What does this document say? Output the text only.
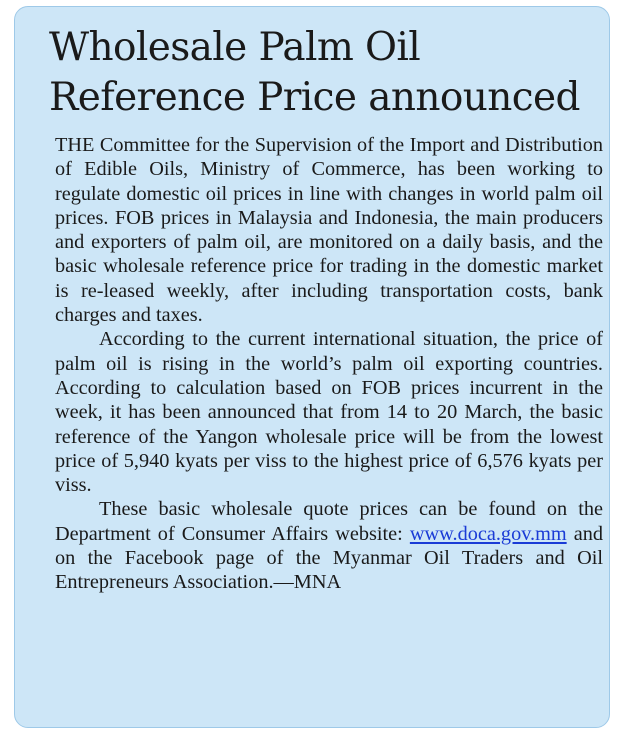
Wholesale Palm Oil
Reference Price announced

THE Committee for the Supervision of the Import and Distribution of Edible Oils, Ministry of Commerce, has been working to regulate domestic oil prices in line with changes in world palm oil prices. FOB prices in Malaysia and Indonesia, the main producers and exporters of palm oil, are monitored on a daily basis, and the basic wholesale reference price for trading in the domestic market is re-leased weekly, after including transportation costs, bank charges and taxes.

According to the current international situation, the price of palm oil is rising in the world’s palm oil exporting countries. According to calculation based on FOB prices incurrent in the week, it has been announced that from 14 to 20 March, the basic reference of the Yangon wholesale price will be from the lowest price of 5,940 kyats per viss to the highest price of 6,576 kyats per viss.

These basic wholesale quote prices can be found on the Department of Consumer Affairs website: www.doca.gov.mm and on the Facebook page of the Myanmar Oil Traders and Oil Entrepreneurs Association.—MNA
